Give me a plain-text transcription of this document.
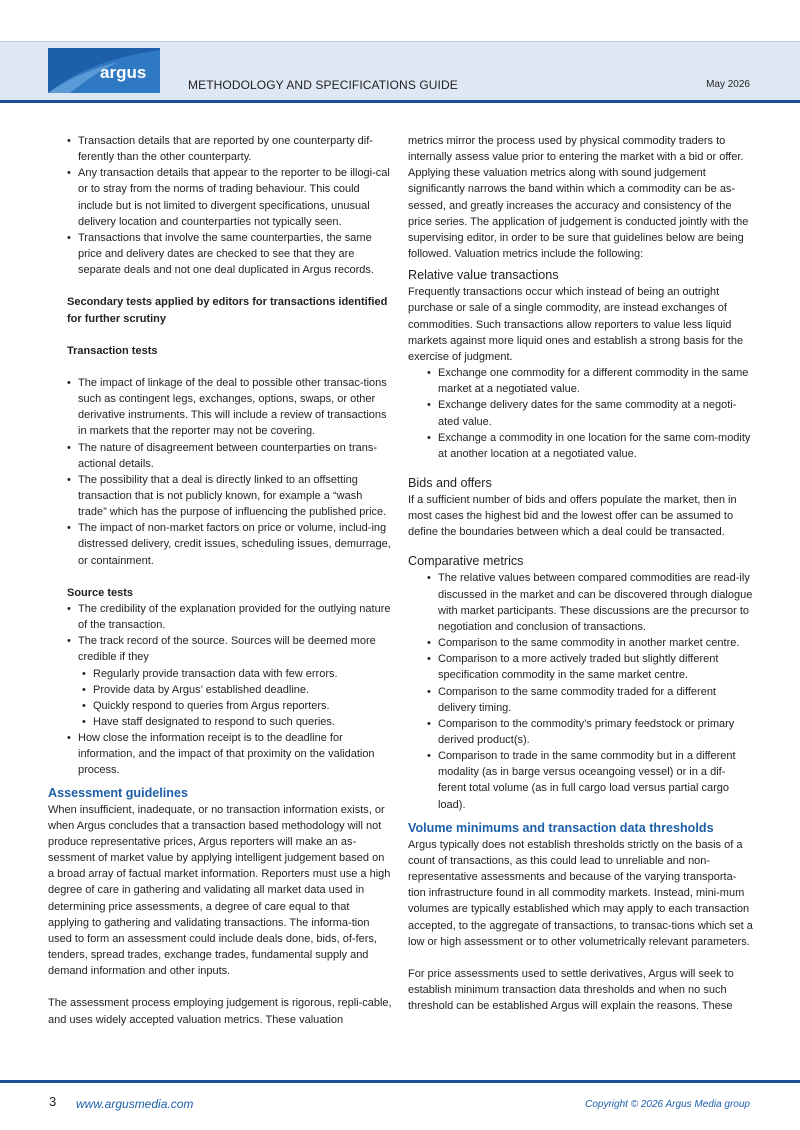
argus
METHODOLOGY AND SPECIFICATIONS GUIDE	May 2026
• Transaction details that are reported by one counterparty dif-ferently than the other counterparty.
• Any transaction details that appear to the reporter to be illogi-cal or to stray from the norms of trading behaviour. This could include but is not limited to divergent specifications, unusual delivery location and counterparties not typically seen.
• Transactions that involve the same counterparties, the same price and delivery dates are checked to see that they are separate deals and not one deal duplicated in Argus records.

Secondary tests applied by editors for transactions identified for further scrutiny

Transaction tests

• The impact of linkage of the deal to possible other transac-tions such as contingent legs, exchanges, options, swaps, or other derivative instruments. This will include a review of transactions in markets that the reporter may not be covering.
• The nature of disagreement between counterparties on trans-actional details.
• The possibility that a deal is directly linked to an offsetting transaction that is not publicly known, for example a “wash trade” which has the purpose of influencing the published price.
• The impact of non-market factors on price or volume, includ-ing distressed delivery, credit issues, scheduling issues, demurrage, or containment.

Source tests

• The credibility of the explanation provided for the outlying nature of the transaction.
• The track record of the source. Sources will be deemed more credible if they
• Regularly provide transaction data with few errors.
• Provide data by Argus’ established deadline.
• Quickly respond to queries from Argus reporters.
• Have staff designated to respond to such queries.
• How close the information receipt is to the deadline for information, and the impact of that proximity on the validation process.

Assessment guidelines

When insufficient, inadequate, or no transaction information exists, or when Argus concludes that a transaction based methodology will not produce representative prices, Argus reporters will make an as-sessment of market value by applying intelligent judgement based on a broad array of factual market information. Reporters must use a high degree of care in gathering and validating all market data used in determining price assessments, a degree of care equal to that applying to gathering and validating transactions. The informa-tion used to form an assessment could include deals done, bids, of-fers, tenders, spread trades, exchange trades, fundamental supply and demand information and other inputs.

The assessment process employing judgement is rigorous, repli-cable, and uses widely accepted valuation metrics. These valuation

metrics mirror the process used by physical commodity traders to internally assess value prior to entering the market with a bid or offer. Applying these valuation metrics along with sound judgement significantly narrows the band within which a commodity can be as-sessed, and greatly increases the accuracy and consistency of the price series. The application of judgement is conducted jointly with the supervising editor, in order to be sure that guidelines below are being followed. Valuation metrics include the following:

Relative value transactions

Frequently transactions occur which instead of being an outright purchase or sale of a single commodity, are instead exchanges of commodities. Such transactions allow reporters to value less liquid markets against more liquid ones and establish a strong basis for the exercise of judgment.

• Exchange one commodity for a different commodity in the same market at a negotiated value.
• Exchange delivery dates for the same commodity at a negoti-ated value.
• Exchange a commodity in one location for the same com-modity at another location at a negotiated value.

Bids and offers

If a sufficient number of bids and offers populate the market, then in most cases the highest bid and the lowest offer can be assumed to define the boundaries between which a deal could be transacted.

Comparative metrics

• The relative values between compared commodities are read-ily discussed in the market and can be discovered through dialogue with market participants. These discussions are the precursor to negotiation and conclusion of transactions.
• Comparison to the same commodity in another market centre.
• Comparison to a more actively traded but slightly different specification commodity in the same market centre.
• Comparison to the same commodity traded for a different delivery timing.
• Comparison to the commodity’s primary feedstock or primary derived product(s).
• Comparison to trade in the same commodity but in a different modality (as in barge versus oceangoing vessel) or in a dif-ferent total volume (as in full cargo load versus partial cargo load).

Volume minimums and transaction data thresholds

Argus typically does not establish thresholds strictly on the basis of a count of transactions, as this could lead to unreliable and non-representative assessments and because of the varying transporta-tion infrastructure found in all commodity markets. Instead, mini-mum volumes are typically established which may apply to each transaction accepted, to the aggregate of transactions, to transac-tions which set a low or high assessment or to other volumetrically relevant parameters.

For price assessments used to settle derivatives, Argus will seek to establish minimum transaction data thresholds and when no such threshold can be established Argus will explain the reasons. These

3 www.argusmedia.com	Copyright © 2026 Argus Media group
